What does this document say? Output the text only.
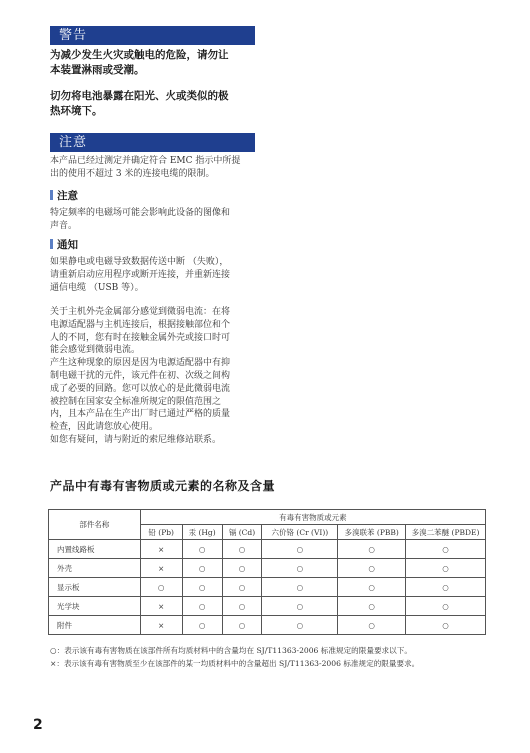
警告
为减少发生火灾或触电的危险，请勿让
本装置淋雨或受潮。
切勿将电池暴露在阳光、火或类似的极
热环境下。
注意
本产品已经过测定并确定符合 EMC 指示中所提
出的使用不超过 3 米的连接电缆的限制。
注意
特定频率的电磁场可能会影响此设备的图像和
声音。
通知
如果静电或电磁导致数据传送中断 （失败），
请重新启动应用程序或断开连接，并重新连接
通信电缆 （USB 等）。
关于主机外壳金属部分感觉到微弱电流：在将
电源适配器与主机连接后，根据接触部位和个
人的不同，您有时在接触金属外壳或接口时可
能会感觉到微弱电流。
产生这种现象的原因是因为电源适配器中有抑
制电磁干扰的元件，该元件在初、次级之间构
成了必要的回路。您可以放心的是此微弱电流
被控制在国家安全标准所规定的限值范围之
内，且本产品在生产出厂时已通过严格的质量
检查，因此请您放心使用。
如您有疑问，请与附近的索尼维修站联系。
产品中有毒有害物质或元素的名称及含量
部件名称	有毒有害物质或元素					
	铅 (Pb)	汞 (Hg)	镉 (Cd)	六价铬 (Cr (VI))	多溴联苯 (PBB)	多溴二苯醚 (PBDE)
内置线路板	×	○	○	○	○	○
外壳	×	○	○	○	○	○
显示板	○	○	○	○	○	○
光学块	×	○	○	○	○	○
附件	×	○	○	○	○	○
○：表示该有毒有害物质在该部件所有均质材料中的含量均在 SJ/T11363-2006 标准规定的限量要求以下。
×：表示该有毒有害物质至少在该部件的某一均质材料中的含量超出 SJ/T11363-2006 标准规定的限量要求。
2
